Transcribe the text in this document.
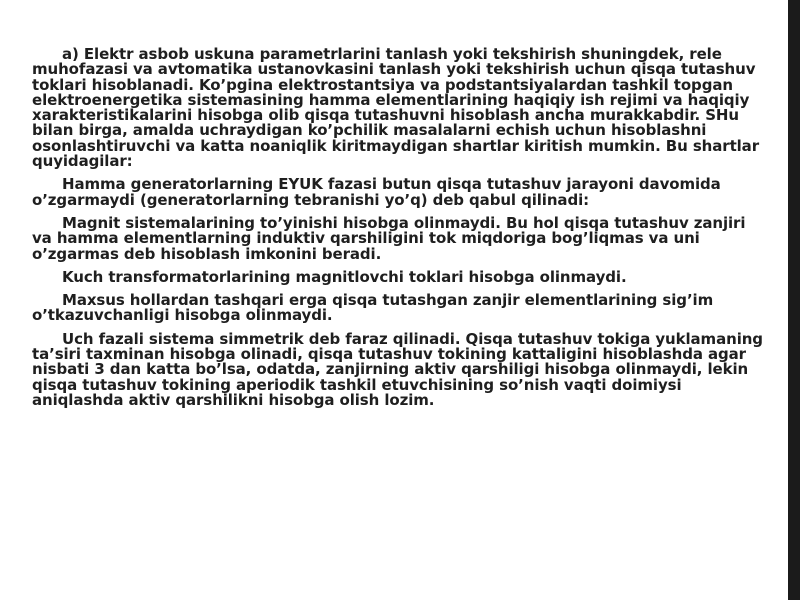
a) Elektr asbob uskuna parametrlarini tanlash yoki tekshirish shuningdek, rele muhofazasi va avtomatika ustanovkasini tanlash yoki tekshirish uchun qisqa tutashuv toklari hisoblanadi. Ko’pgina elektrostantsiya va podstantsiyalardan tashkil topgan elektroenergetika sistemasining hamma elementlarining haqiqiy ish rejimi va haqiqiy xarakteristikalarini hisobga olib qisqa tutashuvni hisoblash ancha murakkabdir. SHu bilan birga, amalda uchraydigan ko’pchilik masalalarni echish uchun hisoblashni osonlashtiruvchi va katta noaniqlik kiritmaydigan shartlar kiritish mumkin. Bu shartlar quyidagilar:

Hamma generatorlarning EYUK fazasi butun qisqa tutashuv jarayoni davomida o’zgarmaydi (generatorlarning tebranishi yo’q) deb qabul qilinadi:

Magnit sistemalarining to’yinishi hisobga olinmaydi. Bu hol qisqa tutashuv zanjiri va hamma elementlarning induktiv qarshiligini tok miqdoriga bog’liqmas va uni o’zgarmas deb hisoblash imkonini beradi.

Kuch transformatorlarining magnitlovchi toklari hisobga olinmaydi.

Maxsus hollardan tashqari erga qisqa tutashgan zanjir elementlarining sig’im o’tkazuvchanligi hisobga olinmaydi.

Uch fazali sistema simmetrik deb faraz qilinadi. Qisqa tutashuv tokiga yuklamaning ta’siri taxminan hisobga olinadi, qisqa tutashuv tokining kattaligini hisoblashda agar nisbati 3 dan katta bo’lsa, odatda, zanjirning aktiv qarshiligi hisobga olinmaydi, lekin qisqa tutashuv tokining aperiodik tashkil etuvchisining so’nish vaqti doimiysi aniqlashda aktiv qarshilikni hisobga olish lozim.
